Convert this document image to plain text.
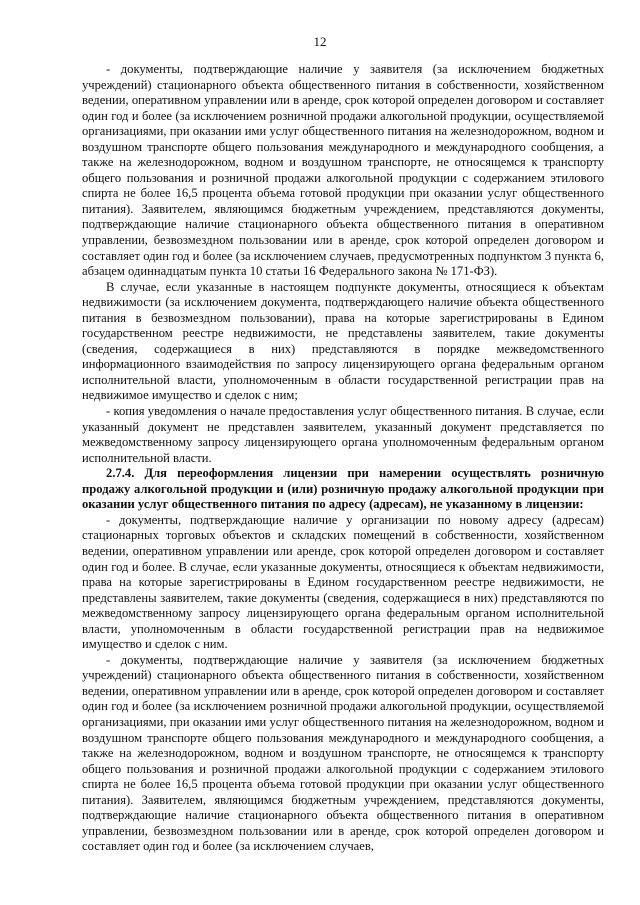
12

- документы, подтверждающие наличие у заявителя (за исключением бюджетных учреждений) стационарного объекта общественного питания в собственности, хозяйственном ведении, оперативном управлении или в аренде, срок которой определен договором и составляет один год и более (за исключением розничной продажи алкогольной продукции, осуществляемой организациями, при оказании ими услуг общественного питания на железнодорожном, водном и воздушном транспорте общего пользования международного и международного сообщения, а также на железнодорожном, водном и воздушном транспорте, не относящемся к транспорту общего пользования и розничной продажи алкогольной продукции с содержанием этилового спирта не более 16,5 процента объема готовой продукции при оказании услуг общественного питания). Заявителем, являющимся бюджетным учреждением, представляются документы, подтверждающие наличие стационарного объекта общественного питания в оперативном управлении, безвозмездном пользовании или в аренде, срок которой определен договором и составляет один год и более (за исключением случаев, предусмотренных подпунктом 3 пункта 6, абзацем одиннадцатым пункта 10 статьи 16 Федерального закона № 171-ФЗ).

В случае, если указанные в настоящем подпункте документы, относящиеся к объектам недвижимости (за исключением документа, подтверждающего наличие объекта общественного питания в безвозмездном пользовании), права на которые зарегистрированы в Едином государственном реестре недвижимости, не представлены заявителем, такие документы (сведения, содержащиеся в них) представляются в порядке межведомственного информационного взаимодействия по запросу лицензирующего органа федеральным органом исполнительной власти, уполномоченным в области государственной регистрации прав на недвижимое имущество и сделок с ним;

- копия уведомления о начале предоставления услуг общественного питания. В случае, если указанный документ не представлен заявителем, указанный документ представляется по межведомственному запросу лицензирующего органа уполномоченным федеральным органом исполнительной власти.

2.7.4. Для переоформления лицензии при намерении осуществлять розничную продажу алкогольной продукции и (или) розничную продажу алкогольной продукции при оказании услуг общественного питания по адресу (адресам), не указанному в лицензии:

- документы, подтверждающие наличие у организации по новому адресу (адресам) стационарных торговых объектов и складских помещений в собственности, хозяйственном ведении, оперативном управлении или аренде, срок которой определен договором и составляет один год и более. В случае, если указанные документы, относящиеся к объектам недвижимости, права на которые зарегистрированы в Едином государственном реестре недвижимости, не представлены заявителем, такие документы (сведения, содержащиеся в них) представляются по межведомственному запросу лицензирующего органа федеральным органом исполнительной власти, уполномоченным в области государственной регистрации прав на недвижимое имущество и сделок с ним.

- документы, подтверждающие наличие у заявителя (за исключением бюджетных учреждений) стационарного объекта общественного питания в собственности, хозяйственном ведении, оперативном управлении или в аренде, срок которой определен договором и составляет один год и более (за исключением розничной продажи алкогольной продукции, осуществляемой организациями, при оказании ими услуг общественного питания на железнодорожном, водном и воздушном транспорте общего пользования международного и международного сообщения, а также на железнодорожном, водном и воздушном транспорте, не относящемся к транспорту общего пользования и розничной продажи алкогольной продукции с содержанием этилового спирта не более 16,5 процента объема готовой продукции при оказании услуг общественного питания). Заявителем, являющимся бюджетным учреждением, представляются документы, подтверждающие наличие стационарного объекта общественного питания в оперативном управлении, безвозмездном пользовании или в аренде, срок которой определен договором и составляет один год и более (за исключением случаев,
